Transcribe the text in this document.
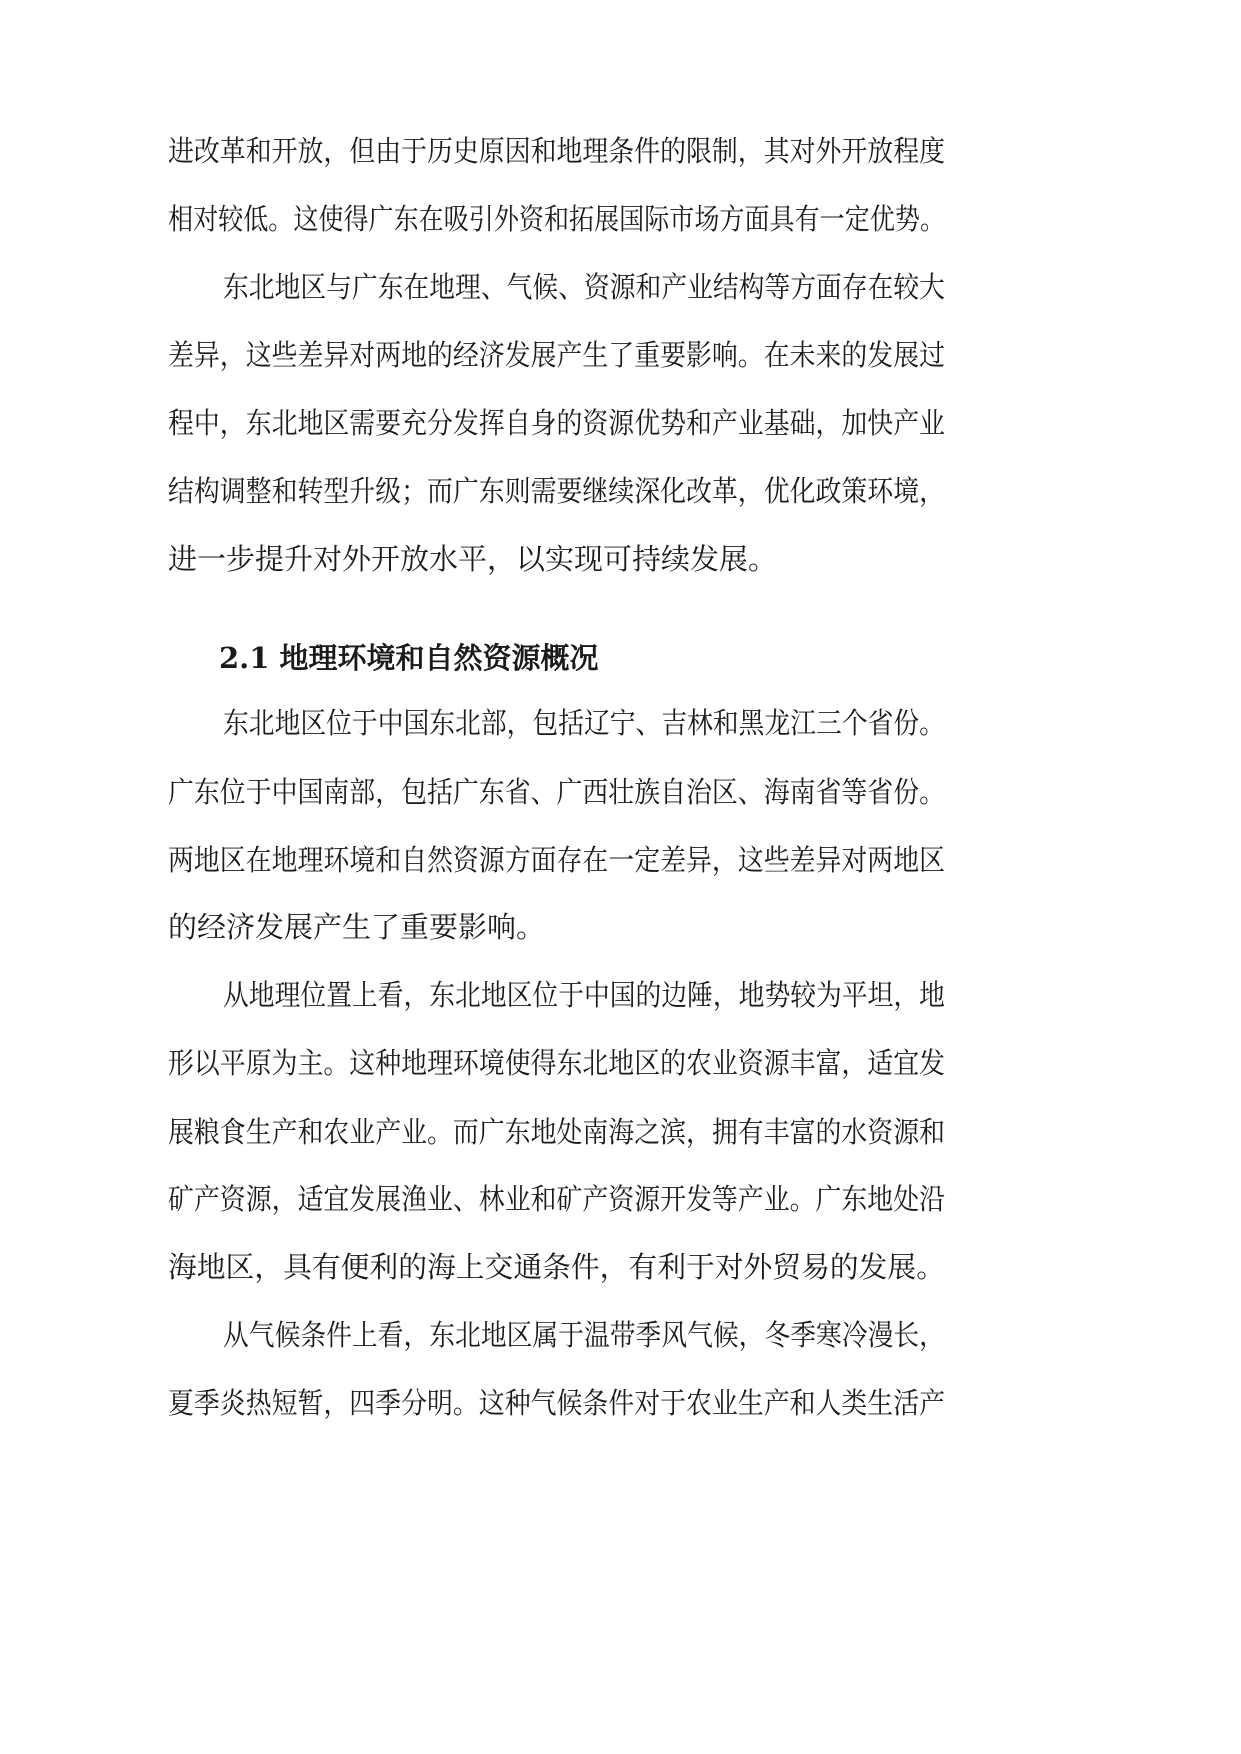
进改革和开放，但由于历史原因和地理条件的限制，其对外开放程度
相对较低。这使得广东在吸引外资和拓展国际市场方面具有一定优势。
东北地区与广东在地理、气候、资源和产业结构等方面存在较大
差异，这些差异对两地的经济发展产生了重要影响。在未来的发展过
程中，东北地区需要充分发挥自身的资源优势和产业基础，加快产业
结构调整和转型升级；而广东则需要继续深化改革，优化政策环境，
进一步提升对外开放水平，以实现可持续发展。
2.1 地理环境和自然资源概况
东北地区位于中国东北部，包括辽宁、吉林和黑龙江三个省份。
广东位于中国南部，包括广东省、广西壮族自治区、海南省等省份。
两地区在地理环境和自然资源方面存在一定差异，这些差异对两地区
的经济发展产生了重要影响。
从地理位置上看，东北地区位于中国的边陲，地势较为平坦，地
形以平原为主。这种地理环境使得东北地区的农业资源丰富，适宜发
展粮食生产和农业产业。而广东地处南海之滨，拥有丰富的水资源和
矿产资源，适宜发展渔业、林业和矿产资源开发等产业。广东地处沿
海地区，具有便利的海上交通条件，有利于对外贸易的发展。
从气候条件上看，东北地区属于温带季风气候，冬季寒冷漫长，
夏季炎热短暂，四季分明。这种气候条件对于农业生产和人类生活产
